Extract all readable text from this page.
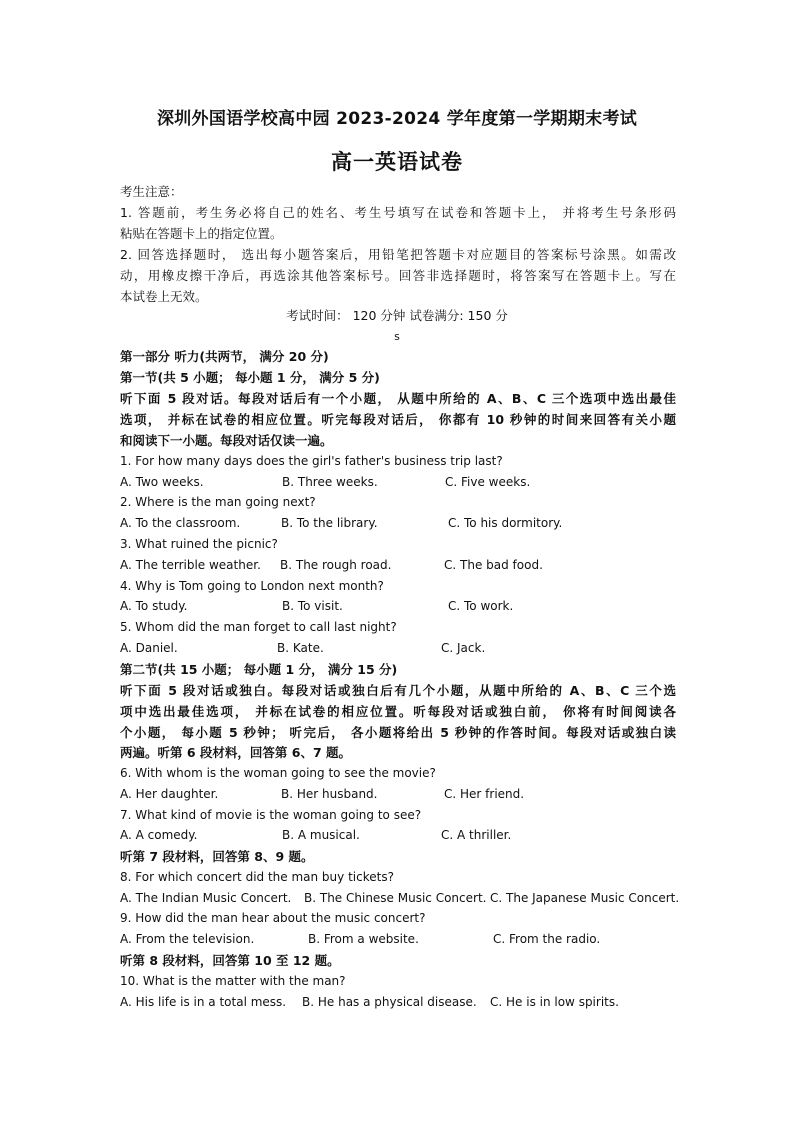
深圳外国语学校高中园 2023-2024 学年度第一学期期末考试
高一英语试卷
考生注意：
1. 答题前，考生务必将自己的姓名、考生号填写在试卷和答题卡上， 并将考生号条形码
粘贴在答题卡上的指定位置。
2. 回答选择题时， 选出每小题答案后，用铅笔把答题卡对应题目的答案标号涂黑。如需改
动，用橡皮擦干净后，再选涂其他答案标号。回答非选择题时，将答案写在答题卡上。写在
本试卷上无效。
考试时间： 120 分钟 试卷满分: 150 分
s
第一部分 听力(共两节， 满分 20 分)
第一节(共 5 小题； 每小题 1 分， 满分 5 分)
听下面 5 段对话。每段对话后有一个小题， 从题中所给的 A、B、C 三个选项中选出最佳
选项， 并标在试卷的相应位置。听完每段对话后， 你都有 10 秒钟的时间来回答有关小题
和阅读下一小题。每段对话仅读一遍。
1. For how many days does the girl's father's business trip last?
A. Two weeks.	B. Three weeks.	C. Five weeks.
2. Where is the man going next?
A. To the classroom.	B. To the library.	C. To his dormitory.
3. What ruined the picnic?
A. The terrible weather. B. The rough road.	C. The bad food.
4. Why is Tom going to London next month?
A. To study.	B. To visit.	C. To work.
5. Whom did the man forget to call last night?
A. Daniel.	B. Kate.	C. Jack.
第二节(共 15 小题； 每小题 1 分， 满分 15 分)
听下面 5 段对话或独白。每段对话或独白后有几个小题，从题中所给的 A、B、C 三个选
项中选出最佳选项， 并标在试卷的相应位置。听每段对话或独白前， 你将有时间阅读各
个小题， 每小题 5 秒钟； 听完后， 各小题将给出 5 秒钟的作答时间。每段对话或独白读
两遍。听第 6 段材料，回答第 6、7 题。
6. With whom is the woman going to see the movie?
A. Her daughter.	B. Her husband.	C. Her friend.
7. What kind of movie is the woman going to see?
A. A comedy.	B. A musical.	C. A thriller.
听第 7 段材料，回答第 8、9 题。
8. For which concert did the man buy tickets?
A. The Indian Music Concert. B. The Chinese Music Concert. C. The Japanese Music Concert.
9. How did the man hear about the music concert?
A. From the television.	B. From a website.	C. From the radio.
听第 8 段材料，回答第 10 至 12 题。
10. What is the matter with the man?
A. His life is in a total mess. B. He has a physical disease. C. He is in low spirits.
